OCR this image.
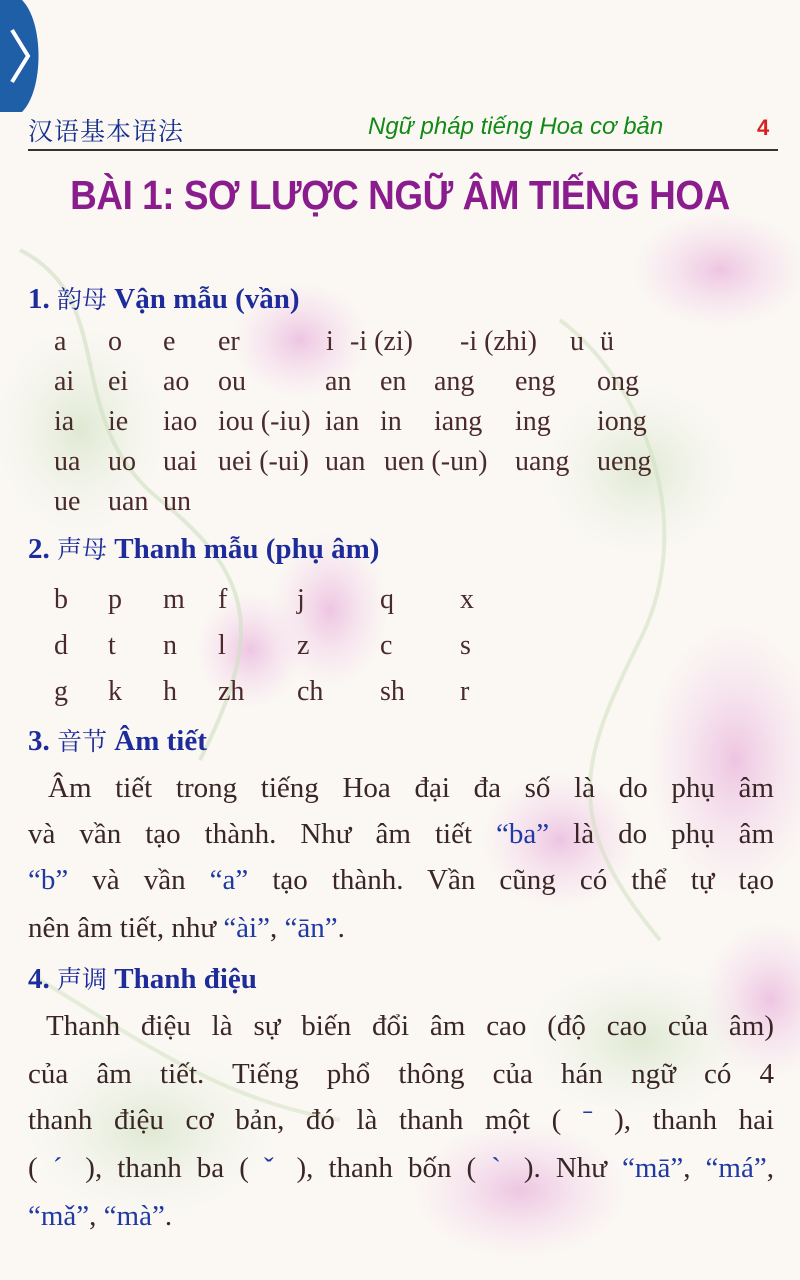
汉语基本语法	Ngữ pháp tiếng Hoa cơ bản	4
BÀI 1: SƠ LƯỢC NGỮ ÂM TIẾNG HOA
1. 韵母 Vận mẫu (vần)
a o e er	i -i (zi) -i (zhi) u ü
ai ei ao ou	an en ang eng ong
ia ie iao iou (-iu) ian in iang ing iong
ua uo uai uei (-ui) uan uen (-un) uang ueng
ue uan un
2. 声母 Thanh mẫu (phụ âm)
b p m f j	q x
d t n l	z	c s
g k h zh ch sh r
3. 音节 Âm tiết
Âm tiết trong tiếng Hoa đại đa số là do phụ âm
và vần tạo thành. Như âm tiết “ba” là do phụ âm
“b” và vần “a” tạo thành. Vần cũng có thể tự tạo
nên âm tiết, như “ài”, “ān”.
4. 声调 Thanh điệu
Thanh điệu là sự biến đổi âm cao (độ cao của âm)
của âm tiết. Tiếng phổ thông của hán ngữ có 4
thanh điệu cơ bản, đó là thanh một ( ˉ ), thanh hai
( ˊ ), thanh ba ( ˇ ), thanh bốn ( ˋ ). Như “mā”, “má”,
“mǎ”, “mà”.
